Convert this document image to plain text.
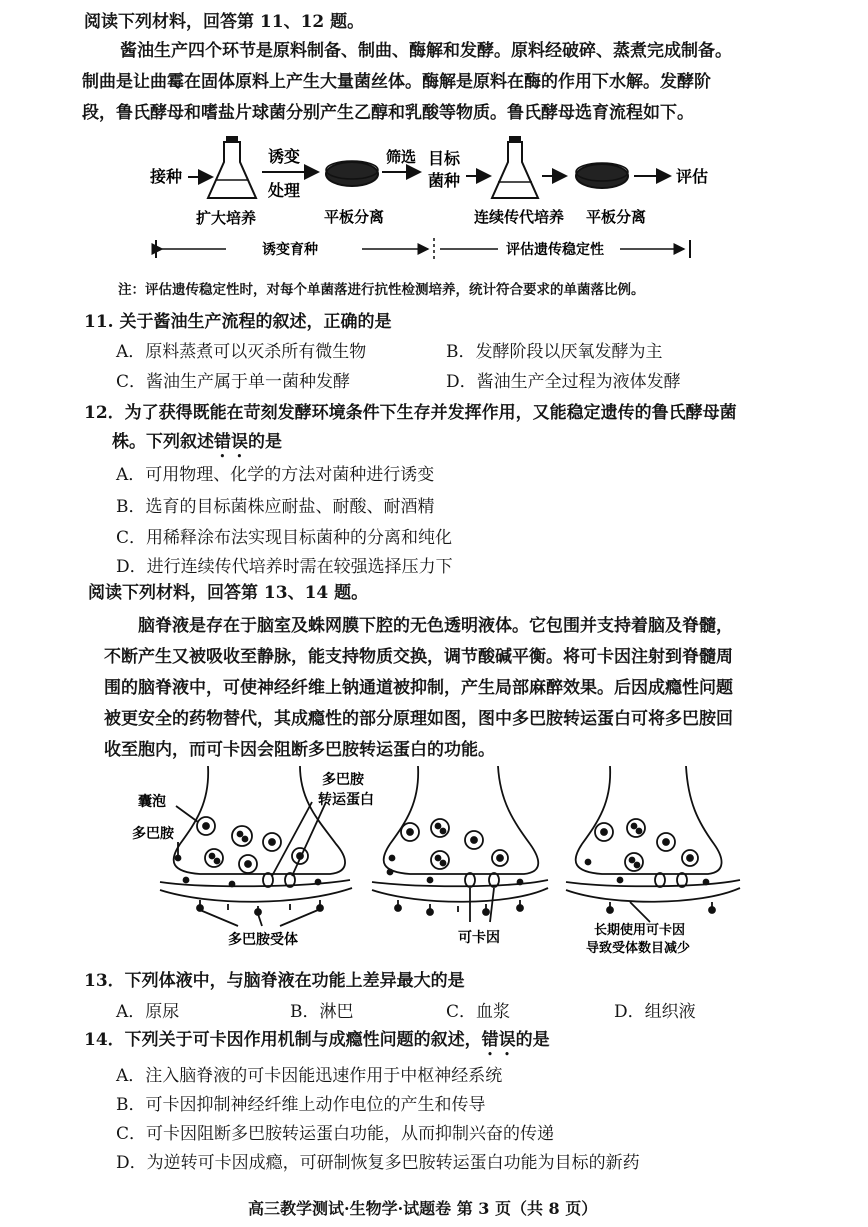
阅读下列材料，回答第 11、12 题。
酱油生产四个环节是原料制备、制曲、酶解和发酵。原料经破碎、蒸煮完成制备。
制曲是让曲霉在固体原料上产生大量菌丝体。酶解是原料在酶的作用下水解。发酵阶
段，鲁氏酵母和嗜盐片球菌分别产生乙醇和乳酸等物质。鲁氏酵母选育流程如下。
接种
诱变
处理
筛选 目标
菌种	评估
扩大培养	平板分离	连续传代培养 平板分离
诱变育种	评估遗传稳定性
注：评估遗传稳定性时，对每个单菌落进行抗性检测培养，统计符合要求的单菌落比例。
11. 关于酱油生产流程的叙述，正确的是
A．原料蒸煮可以灭杀所有微生物	B．发酵阶段以厌氧发酵为主
C．酱油生产属于单一菌种发酵	D．酱油生产全过程为液体发酵
12．为了获得既能在苛刻发酵环境条件下生存并发挥作用，又能稳定遗传的鲁氏酵母菌
株。下列叙述错误的是
A．可用物理、化学的方法对菌种进行诱变
B．选育的目标菌株应耐盐、耐酸、耐酒精
C．用稀释涂布法实现目标菌种的分离和纯化
D．进行连续传代培养时需在较强选择压力下
阅读下列材料，回答第 13、14 题。
脑脊液是存在于脑室及蛛网膜下腔的无色透明液体。它包围并支持着脑及脊髓，
不断产生又被吸收至静脉，能支持物质交换，调节酸碱平衡。将可卡因注射到脊髓周
围的脑脊液中，可使神经纤维上钠通道被抑制，产生局部麻醉效果。后因成瘾性问题
被更安全的药物替代，其成瘾性的部分原理如图，图中多巴胺转运蛋白可将多巴胺回
收至胞内，而可卡因会阻断多巴胺转运蛋白的功能。
囊泡
多巴胺
多巴胺
转运蛋白
多巴胺受体	可卡因	长期使用可卡因
导致受体数目减少
13．下列体液中，与脑脊液在功能上差异最大的是
A．原尿	B．淋巴	C．血浆	D．组织液
14．下列关于可卡因作用机制与成瘾性问题的叙述，错误的是
A．注入脑脊液的可卡因能迅速作用于中枢神经系统
B．可卡因抑制神经纤维上动作电位的产生和传导
C．可卡因阻断多巴胺转运蛋白功能，从而抑制兴奋的传递
D．为逆转可卡因成瘾，可研制恢复多巴胺转运蛋白功能为目标的新药
高三教学测试·生物学·试题卷 第 3 页（共 8 页）
